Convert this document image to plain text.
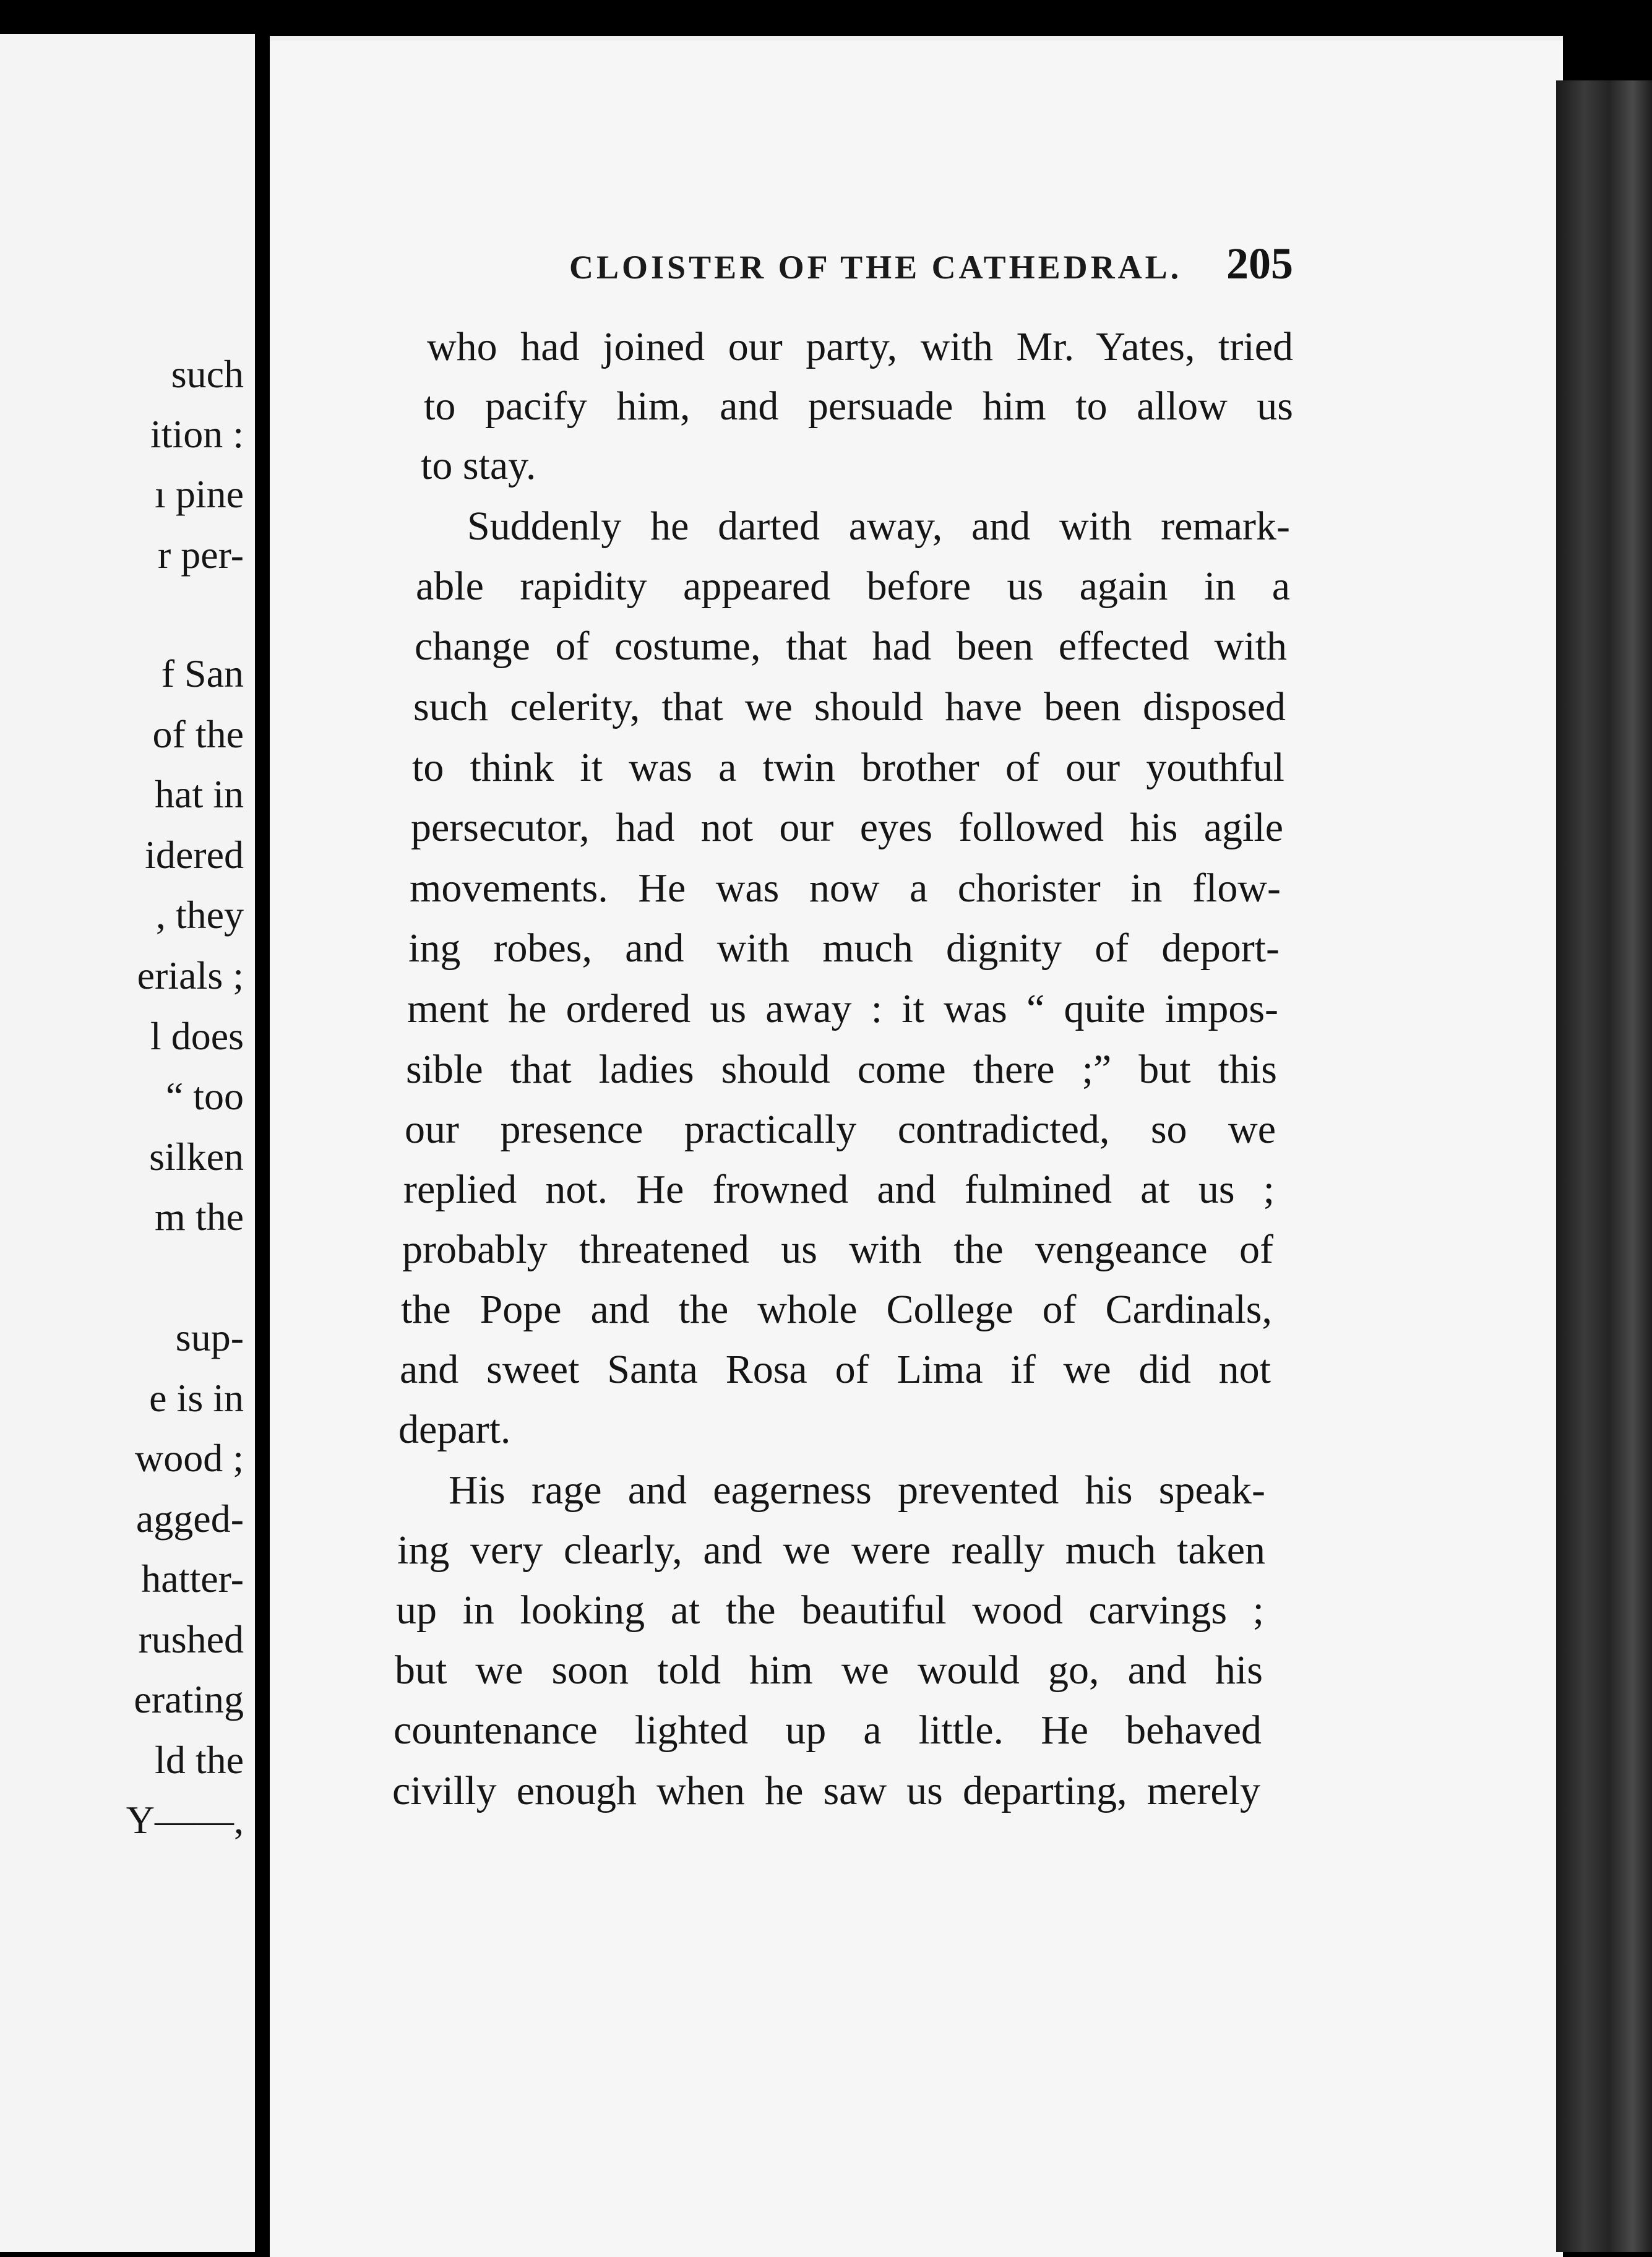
such

ition :

ı pine

r per-

f San

of the

hat in

idered

, they

erials ;

l does

“ too

silken

m the

sup-

e is in

wood ;

agged-

hatter-

rushed

erating

ld the

Y——,

CLOISTER OF THE CATHEDRAL. 205

who had joined our party, with Mr. Yates, tried

to pacify him, and persuade him to allow us

to stay.

Suddenly he darted away, and with remark-

able rapidity appeared before us again in a

change of costume, that had been effected with

such celerity, that we should have been disposed

to think it was a twin brother of our youthful

persecutor, had not our eyes followed his agile

movements. He was now a chorister in flow-

ing robes, and with much dignity of deport-

ment he ordered us away : it was “ quite impos-

sible that ladies should come there ;” but this

our presence practically contradicted, so we

replied not. He frowned and fulmined at us ;

probably threatened us with the vengeance of

the Pope and the whole College of Cardinals,

and sweet Santa Rosa of Lima if we did not

depart.

His rage and eagerness prevented his speak-

ing very clearly, and we were really much taken

up in looking at the beautiful wood carvings ;

but we soon told him we would go, and his

countenance lighted up a little. He behaved

civilly enough when he saw us departing, merely
